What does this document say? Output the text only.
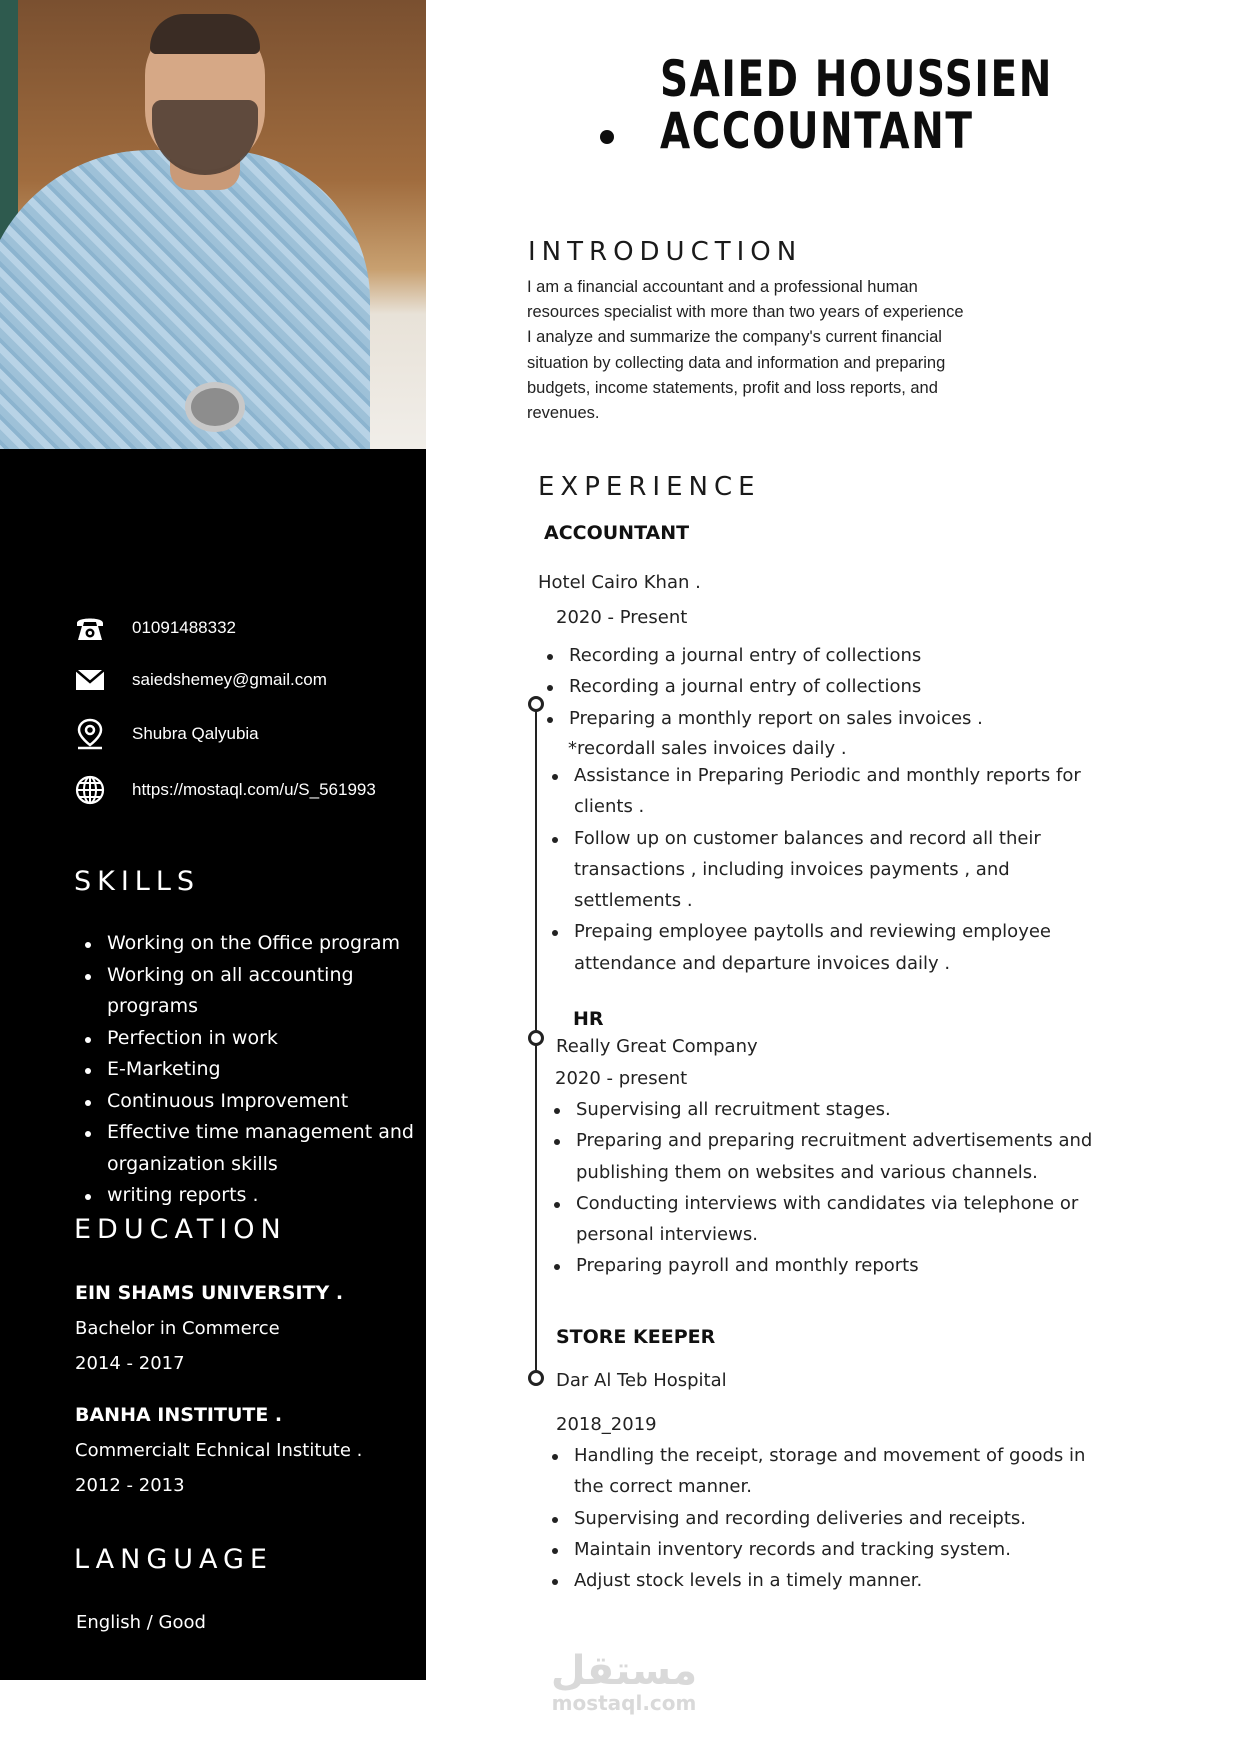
01091488332
saiedshemey@gmail.com
Shubra Qalyubia
https://mostaql.com/u/S_561993
SKILLS
Working on the Office program
Working on all accounting programs
Perfection in work
E-Marketing
Continuous Improvement
Effective time management and organization skills
writing reports .
EDUCATION
EIN SHAMS UNIVERSITY .
Bachelor in Commerce
2014 - 2017
BANHA INSTITUTE .
Commercialt Echnical Institute .
2012 - 2013
LANGUAGE
English / Good
SAIED HOUSSIEN
ACCOUNTANT
INTRODUCTION
I am a financial accountant and a professional human resources specialist with more than two years of experience I analyze and summarize the company's current financial situation by collecting data and information and preparing budgets, income statements, profit and loss reports, and revenues.
EXPERIENCE
ACCOUNTANT
Hotel Cairo Khan .
2020 - Present
Recording a journal entry of collections
Recording a journal entry of collections
Preparing a monthly report on sales invoices .
*recordall sales invoices daily .
Assistance in Preparing Periodic and monthly reports for clients .
Follow up on customer balances and record all their transactions , including invoices payments , and settlements .
Prepaing employee paytolls and reviewing employee attendance and departure invoices daily .
HR
Really Great Company
2020 - present
Supervising all recruitment stages.
Preparing and preparing recruitment advertisements and publishing them on websites and various channels.
Conducting interviews with candidates via telephone or personal interviews.
Preparing payroll and monthly reports
STORE KEEPER
Dar Al Teb Hospital
2018_2019
Handling the receipt, storage and movement of goods in the correct manner.
Supervising and recording deliveries and receipts.
Maintain inventory records and tracking system.
Adjust stock levels in a timely manner.
مستقل
mostaql.com
